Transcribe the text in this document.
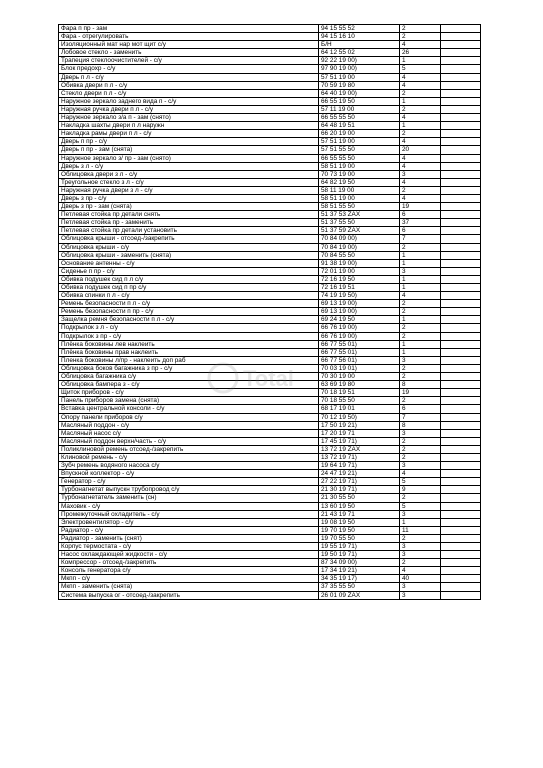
Фара п пр - зам	94 15 55 52	2	
Фара - отрегулировать	94 15 16 10	2	
Изоляционный мат нар мот щит с/у	Б/Н	4	
Лобовое стекло - заменить	64 12 55 02	26	
Трапеция стеклоочистителей - с/у	92 22 19 00)	1	
Блок предохр - с/у	97 90 19 00)	5	
Дверь п л - с/у	57 51 19 00	4	
Обивка двери п л - с/у	70 59 19 80	4	
Стекло двери п л - с/у	64 40 19 00)	2	
Наружное зеркало заднего вида п - с/у	66 55 19 50	1	
Наружная ручка двери п л - с/у	57 11 19 00	2	
Наружное зеркало з/а п - зам (снято)	66 55 55 50	4	
Накладка шахты двери п л наружн	64 48 19 51	1	
Накладка рамы двери п л - с/у	66 20 19 00	2	
Дверь п пр - с/у	57 51 19 00	4	
Дверь п пр - зам (снята)	57 51 55 50	20	
Наружное зеркало з/ пр - зам (снято)	66 55 55 50	4	
Дверь з л - с/у	58 51 19 00	4	
Облицовка двери з л - с/у	70 73 19 00	3	
Треугольное стекло з л - с/у	64 82 19 50	4	
Наружная ручка двери з л - с/у	58 11 19 00	2	
Дверь з пр - с/у	58 51 19 00	4	
Дверь з пр - зам (снята)	58 51 55 50	19	
Петлевая стойка пр детали снять	51 37 53 ZAX	6	
Петлевая стойка пр - заменить	51 37 55 50	37	
Петлевая стойка пр детали установить	51 37 59 ZAX	6	
Облицовка крыши - отсоед-/закрепить	70 84 09 00)	7	
Облицовка крыши - с/у	70 84 19 00)	2	
Облицовка крыши - заменить (снята)	70 84 55 50	1	
Основание антенны - с/у	91 38 19 00)	1	
Сиденье п пр - с/у	72 01 19 00	3	
Обивка подушек сид п л с/у	72 16 19 50	1	
Обивка подушек сид п пр с/у	72 16 19 51	1	
Обивка спинки п л - с/у	74 19 19 50)	4	
Ремень безопасности п л - с/у	69 13 19 00)	2	
Ремень безопасности п пр - с/у	69 13 19 00)	2	
Защелка ремня безопасности п л - с/у	69 24 19 50	1	
Подкрылок з л - с/у	66 76 19 00)	2	
Подкрылок з пр - с/у	66 76 19 00)	2	
Плёнка боковины лев наклеить	66 77 55 01)	1	
Плёнка боковины прав наклеить	66 77 55 01)	1	
Пленка боковины л/пр - наклеить доп раб	66 77 56 01)	3	
Облицовка боков багажника з пр - с/у	70 03 19 01)	2	
Облицовка багажника с/у	70 30 19 00	2	
Облицовка бампера з - с/у	63 69 19 80	8	
Щиток приборов - с/у	70 18 19 51	19	
Панель приборов замена (снята)	70 18 55 50	2	
Вставка центральной консоли - с/у	68 17 19 01	6	
Опору панели приборов с/у	70 12 19 50)	7	
Масляный поддон - с/у	17 50 19 21)	8	
Масляный насос с/у	17 20 19 71	3	
Масляный поддон верхн/часть - с/у	17 45 19 71)	2	
Поликлиновой ремень отсоед-/закрепить	13 72 19 ZAX	2	
Клиновой ремень - с/у	13 72 19 71)	2	
Зубч ремень водяного насоса с/у	19 64 19 71)	3	
Впускной коллектор - с/у	24 47 19 21)	4	
Генератор - с/у	27 22 19 71)	5	
Турбонагнетат выпускн трубопровод с/у	21 30 19 71)	9	
Турбонагнетатель заменить (сн)	21 30 55 50	2	
Маховик - с/у	13 60 19 50	5	
Промежуточный охладитель - с/у	21 43 19 71	3	
Электровентилятор - с/у	19 08 19 50	1	
Радиатор - с/у	19 70 19 50	11	
Радиатор - заменить (снят)	19 70 55 50	2	
Корпус термостата - с/у	19 55 19 71)	3	
Насос охлаждающей жидкости - с/у	19 50 19 71)	3	
Компрессор - отсоед-/закрепить	87 34 09 00)	2	
Консоль генератора с/у	17 34 19 21)	4	
Мкпп - с/у	34 35 19 17)	40	
Мкпп - заменить (снята)	37 35 55 50	3	
Система выпуска ог - отсоед-/закрепить	26 01 09 ZAX	3	
Total
